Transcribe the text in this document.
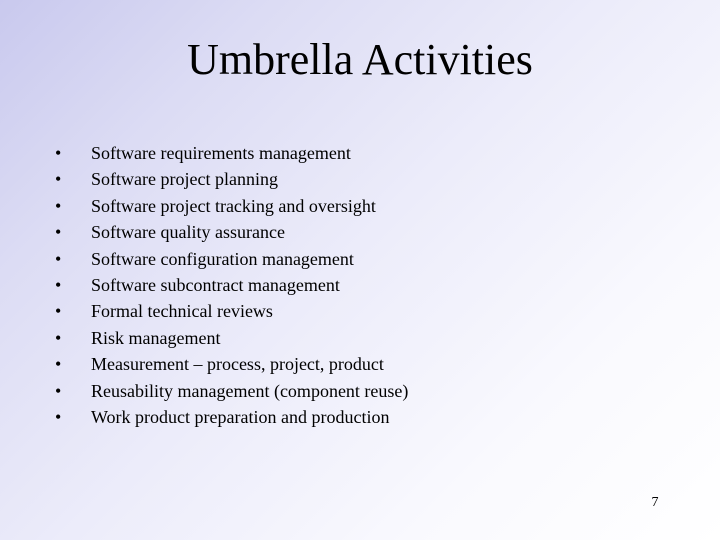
Umbrella Activities
•	Software requirements management
•	Software project planning
•	Software project tracking and oversight
•	Software quality assurance
•	Software configuration management
•	Software subcontract management
•	Formal technical reviews
•	Risk management
•	Measurement – process, project, product
•	Reusability management (component reuse)
•	Work product preparation and production
7
